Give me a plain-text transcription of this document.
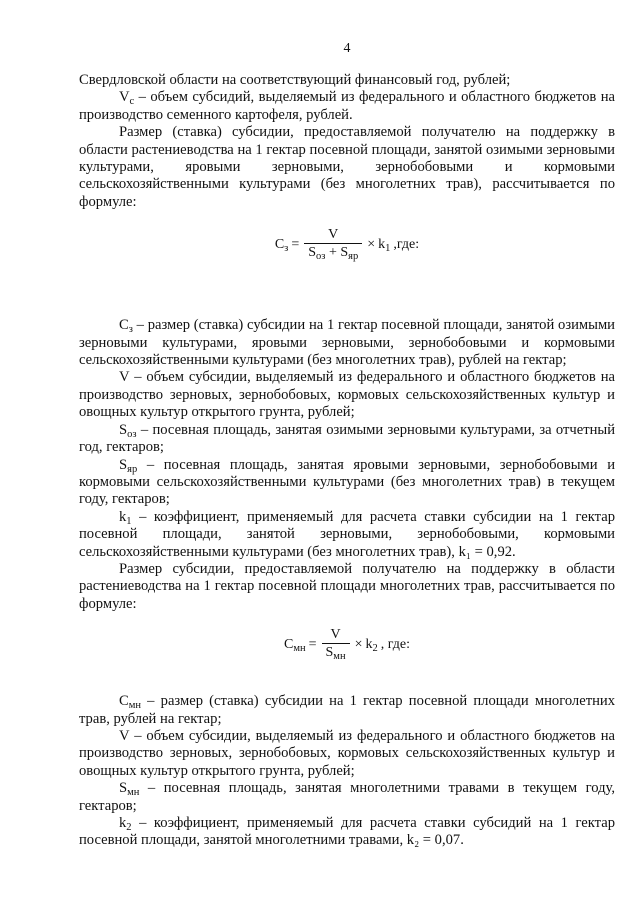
4

Свердловской области на соответствующий финансовый год, рублей;

$V_c$ – объем субсидий, выделяемый из федерального и областного бюджетов на производство семенного картофеля, рублей.

Размер (ставка) субсидии, предоставляемой получателю на поддержку в области растениеводства на 1 гектар посевной площади, занятой озимыми зерновыми культурами, яровыми зерновыми, зернобобовыми и кормовыми сельскохозяйственными культурами (без многолетних трав), рассчитывается по формуле:

$C_з = \frac{V}{S_{оз} + S_{яр}} \times k_1$ ,где:

$С_з$ – размер (ставка) субсидии на 1 гектар посевной площади, занятой озимыми зерновыми культурами, яровыми зерновыми, зернобобовыми и кормовыми сельскохозяйственными культурами (без многолетних трав), рублей на гектар;

V – объем субсидии, выделяемый из федерального и областного бюджетов на производство зерновых, зернобобовых, кормовых сельскохозяйственных культур и овощных культур открытого грунта, рублей;

$S_{оз}$ – посевная площадь, занятая озимыми зерновыми культурами, за отчетный год, гектаров;

$S_{яр}$ – посевная площадь, занятая яровыми зерновыми, зернобобовыми и кормовыми сельскохозяйственными культурами (без многолетних трав) в текущем году, гектаров;

$k_1$ – коэффициент, применяемый для расчета ставки субсидии на 1 гектар посевной площади, занятой зерновыми, зернобобовыми, кормовыми сельскохозяйственными культурами (без многолетних трав), k₁ = 0,92.

Размер субсидии, предоставляемой получателю на поддержку в области растениеводства на 1 гектар посевной площади многолетних трав, рассчитывается по формуле:

$C_{мн} = \frac{V}{S_{мн}} \times k_2$ , где:

$С_{мн}$ – размер (ставка) субсидии на 1 гектар посевной площади многолетних трав, рублей на гектар;

V – объем субсидии, выделяемый из федерального и областного бюджетов на производство зерновых, зернобобовых, кормовых сельскохозяйственных культур и овощных культур открытого грунта, рублей;

$S_{мн}$ – посевная площадь, занятая многолетними травами в текущем году, гектаров;

$k_2$ – коэффициент, применяемый для расчета ставки субсидий на 1 гектар посевной площади, занятой многолетними травами, k₂ = 0,07.
